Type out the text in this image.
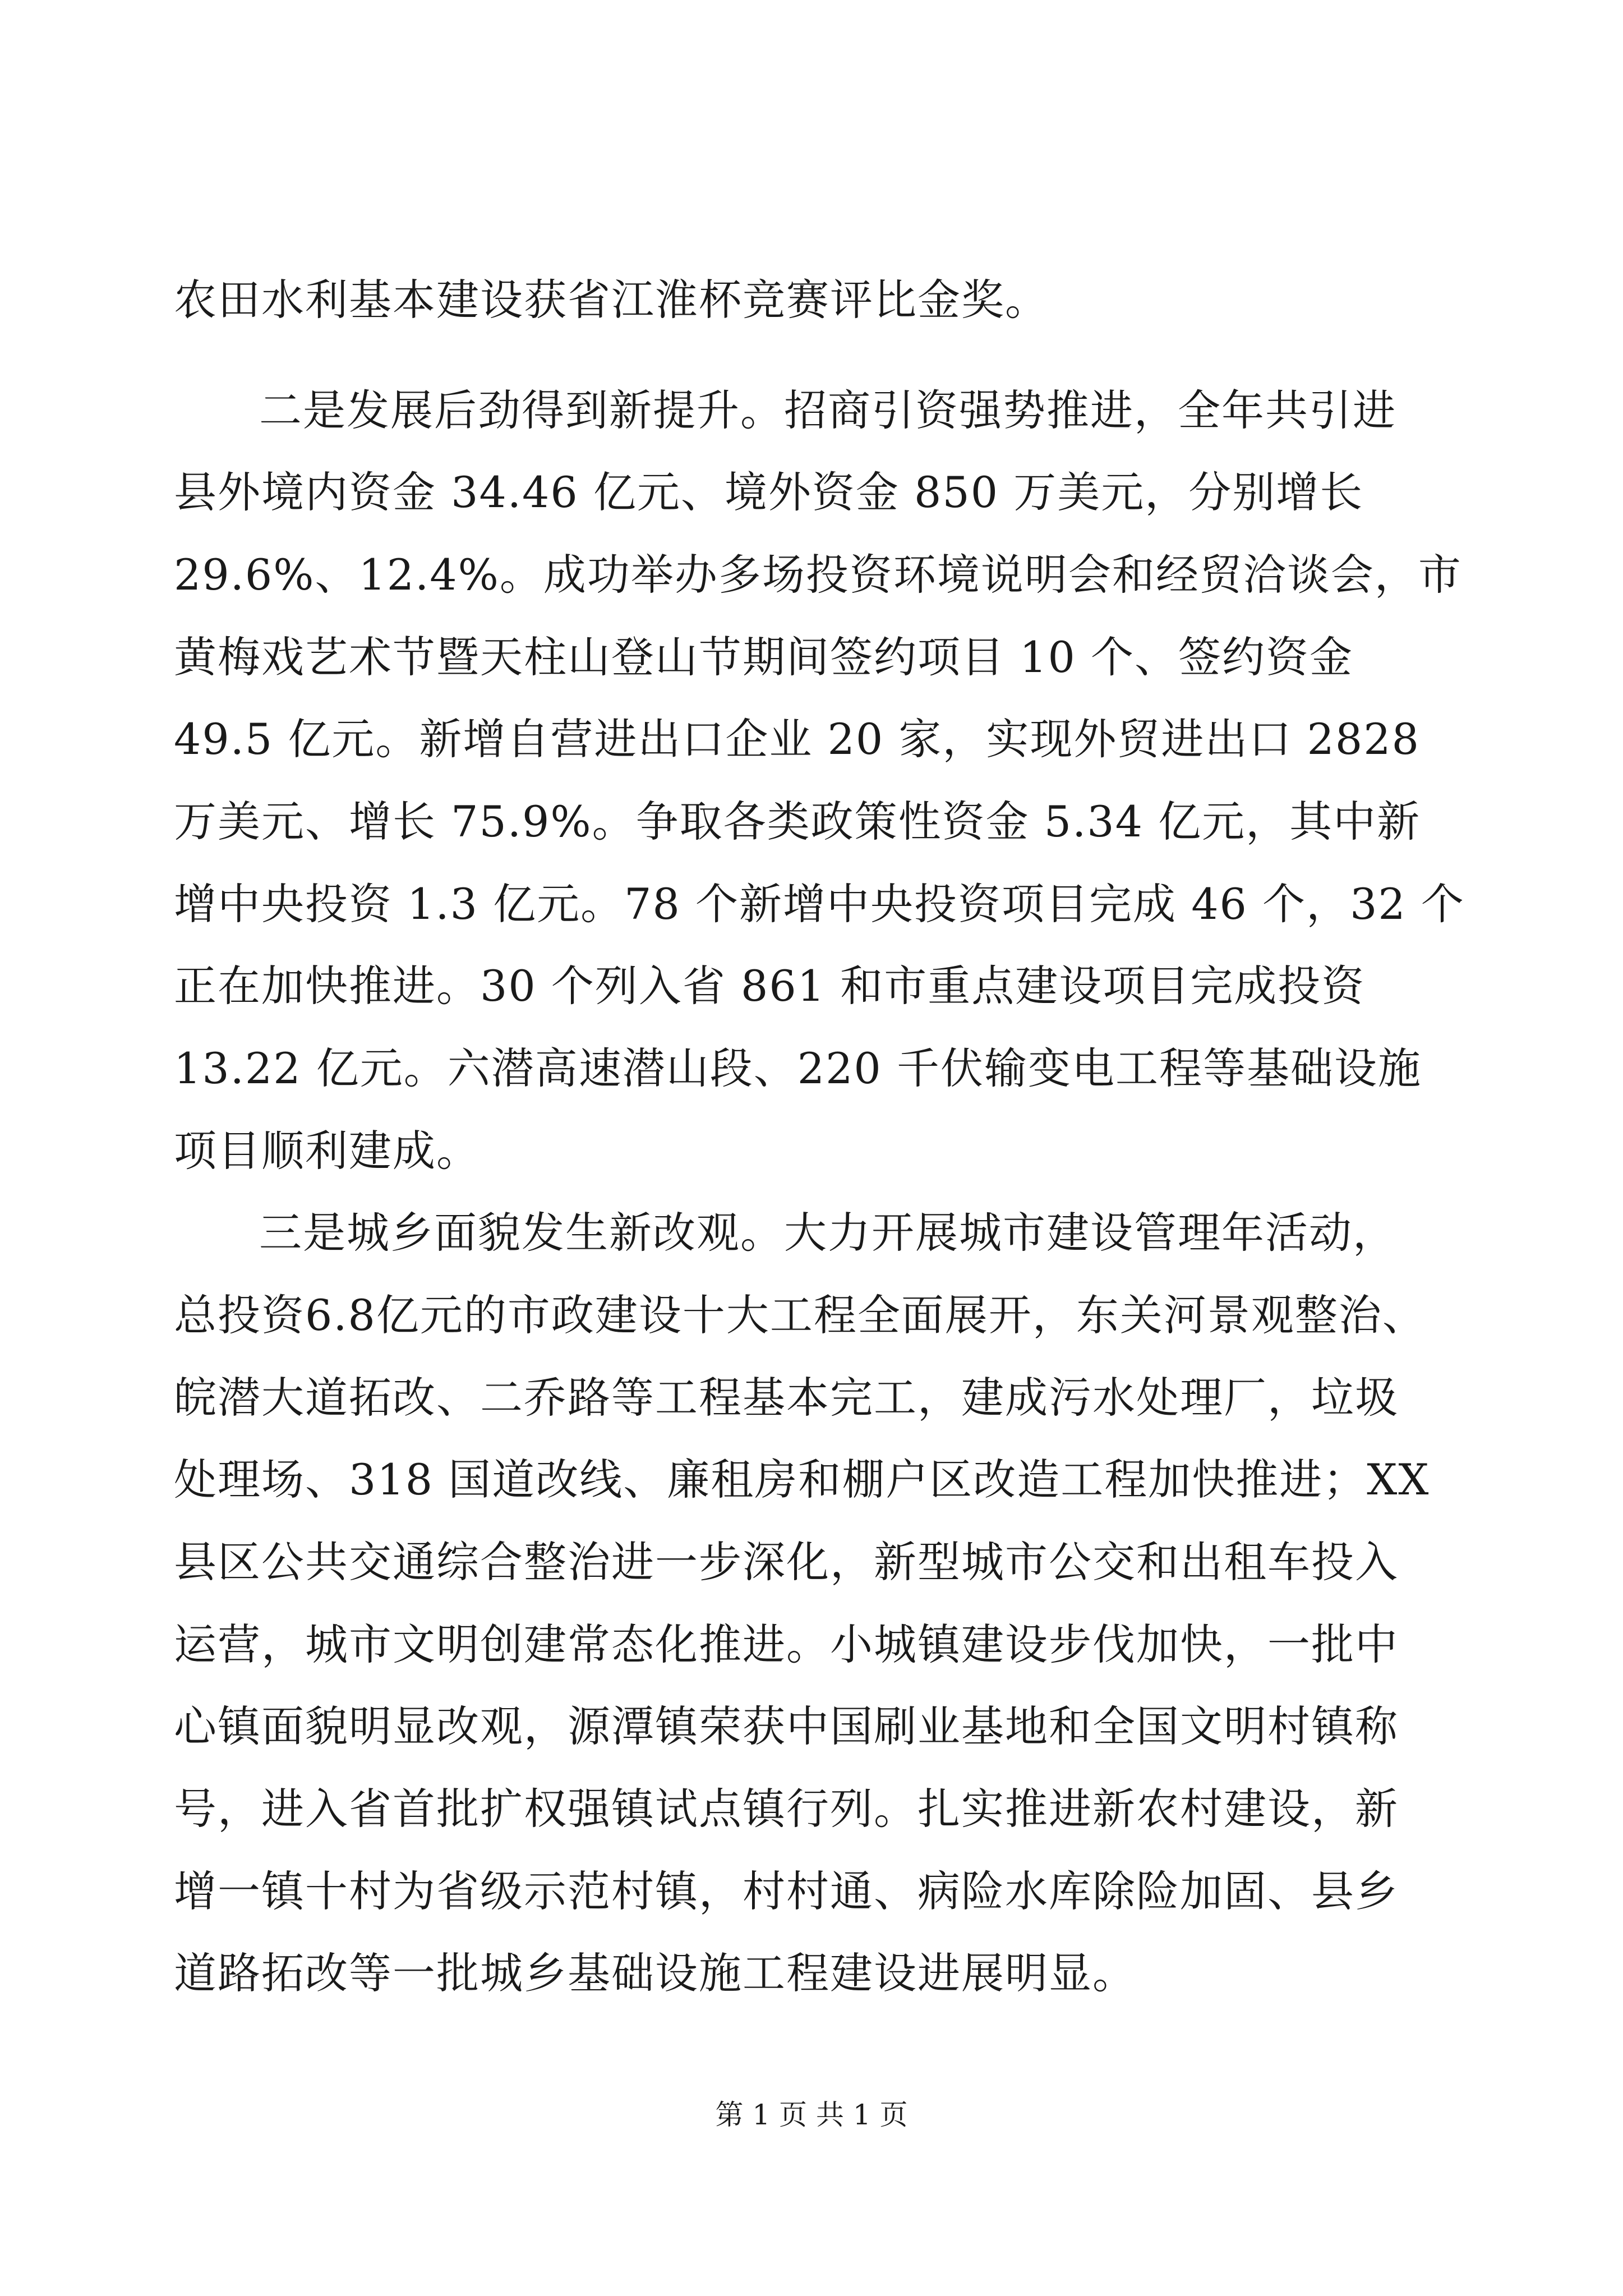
农田水利基本建设获省江淮杯竞赛评比金奖。
二是发展后劲得到新提升。招商引资强势推进，全年共引进
县外境内资金 34.46 亿元、境外资金 850 万美元，分别增长
29.6%、12.4%。成功举办多场投资环境说明会和经贸洽谈会，市
黄梅戏艺术节暨天柱山登山节期间签约项目 10 个、签约资金
49.5 亿元。新增自营进出口企业 20 家，实现外贸进出口 2828
万美元、增长 75.9%。争取各类政策性资金 5.34 亿元，其中新
增中央投资 1.3 亿元。78 个新增中央投资项目完成 46 个，32 个
正在加快推进。30 个列入省 861 和市重点建设项目完成投资
13.22 亿元。六潜高速潜山段、220 千伏输变电工程等基础设施
项目顺利建成。
三是城乡面貌发生新改观。大力开展城市建设管理年活动，
总投资6.8亿元的市政建设十大工程全面展开，东关河景观整治、
皖潜大道拓改、二乔路等工程基本完工，建成污水处理厂，垃圾
处理场、318 国道改线、廉租房和棚户区改造工程加快推进；XX
县区公共交通综合整治进一步深化，新型城市公交和出租车投入
运营，城市文明创建常态化推进。小城镇建设步伐加快，一批中
心镇面貌明显改观，源潭镇荣获中国刷业基地和全国文明村镇称
号，进入省首批扩权强镇试点镇行列。扎实推进新农村建设，新
增一镇十村为省级示范村镇，村村通、病险水库除险加固、县乡
道路拓改等一批城乡基础设施工程建设进展明显。
第 1 页 共 1 页
